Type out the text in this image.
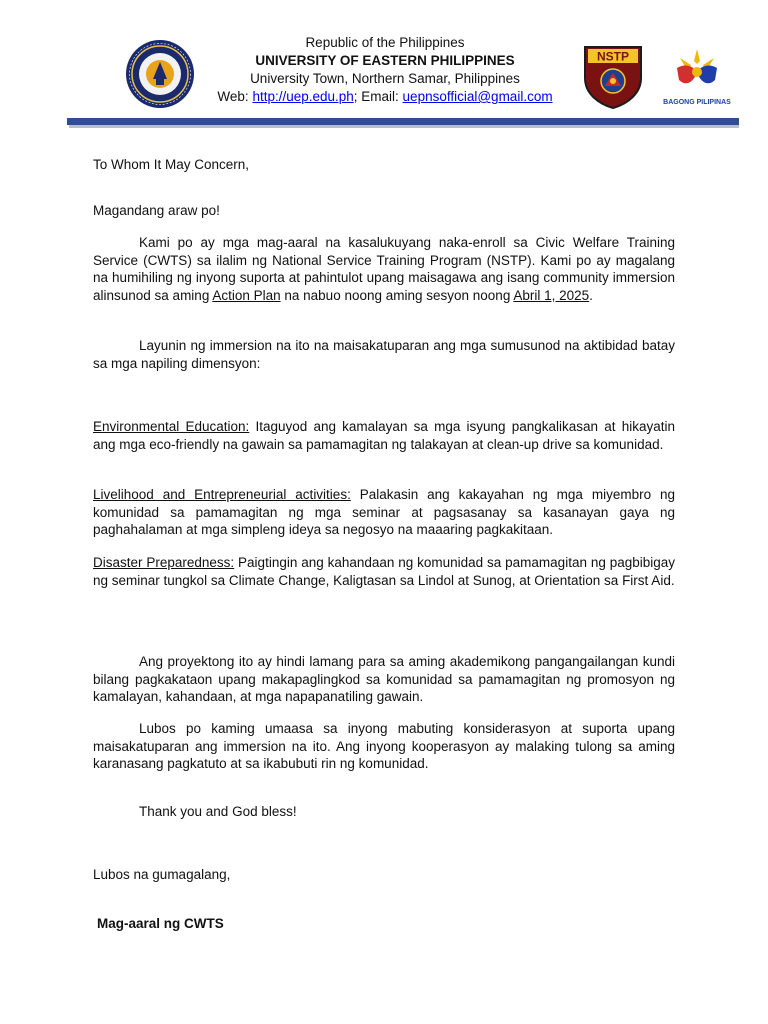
Republic of the Philippines
UNIVERSITY OF EASTERN PHILIPPINES
University Town, Northern Samar, Philippines
Web: http://uep.edu.ph; Email: uepnsofficial@gmail.com
NSTP
BAGONG PILIPINAS

To Whom It May Concern,

Magandang araw po!

Kami po ay mga mag-aaral na kasalukuyang naka-enroll sa Civic Welfare Training Service (CWTS) sa ilalim ng National Service Training Program (NSTP). Kami po ay magalang na humihiling ng inyong suporta at pahintulot upang maisagawa ang isang community immersion alinsunod sa aming Action Plan na nabuo noong aming sesyon noong Abril 1, 2025.

Layunin ng immersion na ito na maisakatuparan ang mga sumusunod na aktibidad batay sa mga napiling dimensyon:

Environmental Education: Itaguyod ang kamalayan sa mga isyung pangkalikasan at hikayatin ang mga eco-friendly na gawain sa pamamagitan ng talakayan at clean-up drive sa komunidad.

Livelihood and Entrepreneurial activities: Palakasin ang kakayahan ng mga miyembro ng komunidad sa pamamagitan ng mga seminar at pagsasanay sa kasanayan gaya ng paghahalaman at mga simpleng ideya sa negosyo na maaaring pagkakitaan.

Disaster Preparedness: Paigtingin ang kahandaan ng komunidad sa pamamagitan ng pagbibigay ng seminar tungkol sa Climate Change, Kaligtasan sa Lindol at Sunog, at Orientation sa First Aid.

Ang proyektong ito ay hindi lamang para sa aming akademikong pangangailangan kundi bilang pagkakataon upang makapaglingkod sa komunidad sa pamamagitan ng promosyon ng kamalayan, kahandaan, at mga napapanatiling gawain.

Lubos po kaming umaasa sa inyong mabuting konsiderasyon at suporta upang maisakatuparan ang immersion na ito. Ang inyong kooperasyon ay malaking tulong sa aming karanasang pagkatuto at sa ikabubuti rin ng komunidad.

Thank you and God bless!

Lubos na gumagalang,

Mag-aaral ng CWTS
